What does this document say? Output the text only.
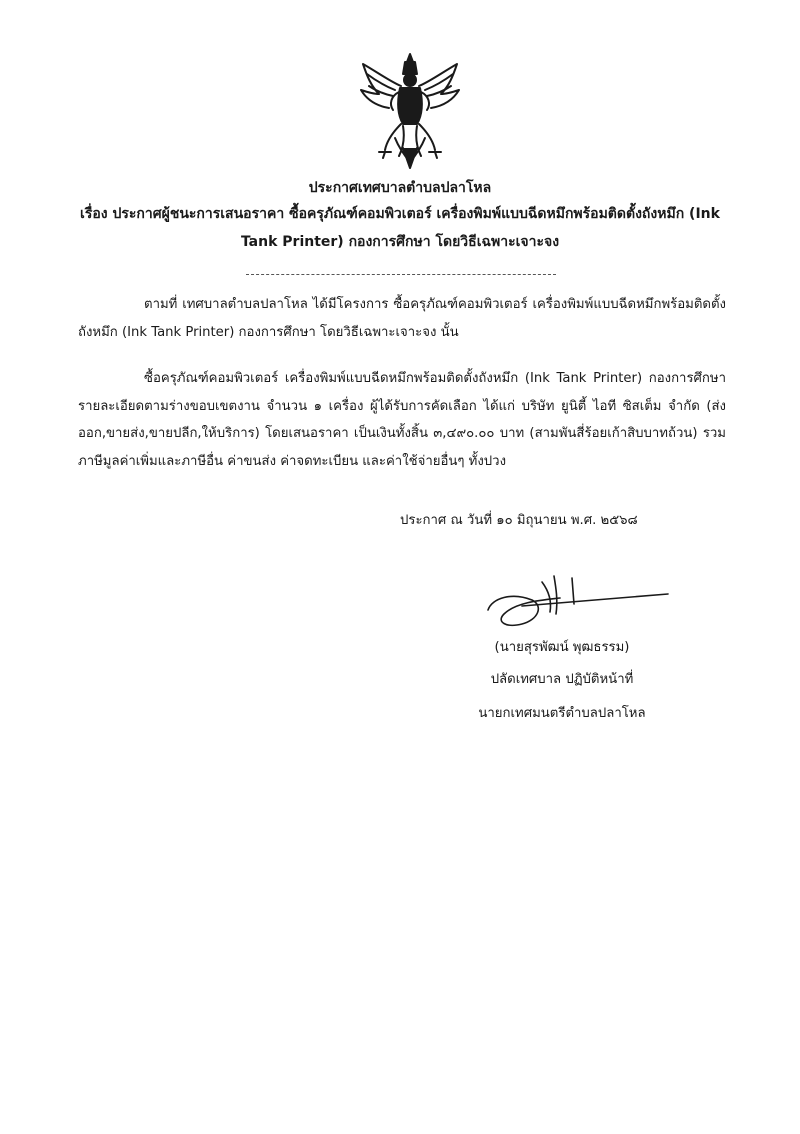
ประกาศเทศบาลตำบลปลาโหล
เรื่อง ประกาศผู้ชนะการเสนอราคา ซื้อครุภัณฑ์คอมพิวเตอร์ เครื่องพิมพ์แบบฉีดหมึกพร้อมติดตั้งถังหมึก (Ink Tank Printer) กองการศึกษา โดยวิธีเฉพาะเจาะจง
ตามที่ เทศบาลตำบลปลาโหล ได้มีโครงการ ซื้อครุภัณฑ์คอมพิวเตอร์ เครื่องพิมพ์แบบฉีดหมึกพร้อมติดตั้งถังหมึก (Ink Tank Printer) กองการศึกษา โดยวิธีเฉพาะเจาะจง นั้น
ซื้อครุภัณฑ์คอมพิวเตอร์ เครื่องพิมพ์แบบฉีดหมึกพร้อมติดตั้งถังหมึก (Ink Tank Printer) กองการศึกษา รายละเอียดตามร่างขอบเขตงาน จำนวน ๑ เครื่อง ผู้ได้รับการคัดเลือก ได้แก่ บริษัท ยูนิตี้ ไอที ซิสเต็ม จำกัด (ส่งออก,ขายส่ง,ขายปลีก,ให้บริการ) โดยเสนอราคา เป็นเงินทั้งสิ้น ๓,๔๙๐.๐๐ บาท (สามพันสี่ร้อยเก้าสิบบาทถ้วน) รวมภาษีมูลค่าเพิ่มและภาษีอื่น ค่าขนส่ง ค่าจดทะเบียน และค่าใช้จ่ายอื่นๆ ทั้งปวง
ประกาศ ณ วันที่ ๑๐ มิถุนายน พ.ศ. ๒๕๖๘
(นายสุรพัฒน์ พุฒธรรม)
ปลัดเทศบาล ปฏิบัติหน้าที่
นายกเทศมนตรีตำบลปลาโหล
